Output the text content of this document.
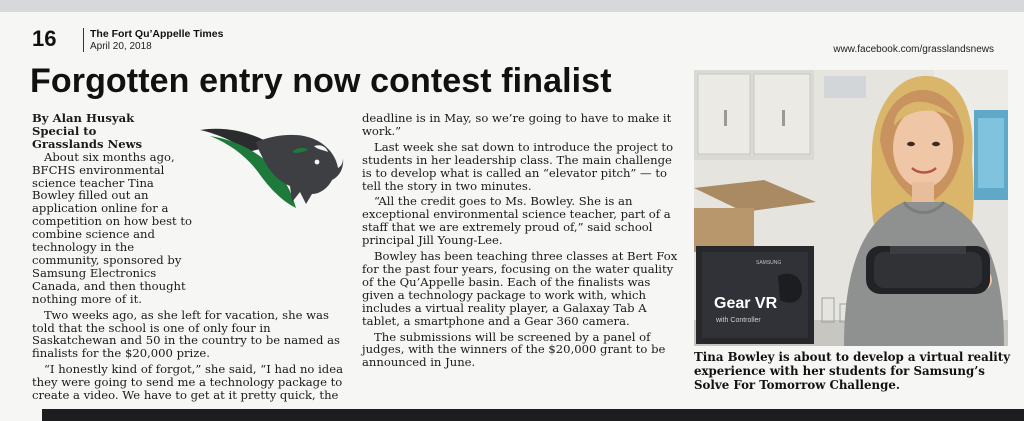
16	The Fort Qu’Appelle Times
April 20, 2018	www.facebook.com/grasslandsnews
Forgotten entry now contest finalist
By Alan Husyak
Special to
Grasslands News

About six months ago, BFCHS environmental science teacher Tina Bowley filled out an application online for a competition on how best to combine science and technology in the community, sponsored by Samsung Electronics Canada, and then thought nothing more of it.

Two weeks ago, as she left for vacation, she was told that the school is one of only four in Saskatchewan and 50 in the country to be named as finalists for the $20,000 prize.

“I honestly kind of forgot,” she said, “I had no idea they were going to send me a technology package to create a video. We have to get at it pretty quick, the

deadline is in May, so we’re going to have to make it work.”

Last week she sat down to introduce the project to students in her leadership class. The main challenge is to develop what is called an “elevator pitch” — to tell the story in two minutes.

“All the credit goes to Ms. Bowley. She is an exceptional environmental science teacher, part of a staff that we are extremely proud of,” said school principal Jill Young-Lee.

Bowley has been teaching three classes at Bert Fox for the past four years, focusing on the water quality of the Qu’Appelle basin. Each of the finalists was given a technology package to work with, which includes a virtual reality player, a Galaxay Tab A tablet, a smartphone and a Gear 360 camera.

The submissions will be screened by a panel of judges, with the winners of the $20,000 grant to be announced in June.

Gear VR
with Controller
SAMSUNG
Tina Bowley is about to develop a virtual reality experience with her students for Samsung’s Solve For Tomorrow Challenge.
